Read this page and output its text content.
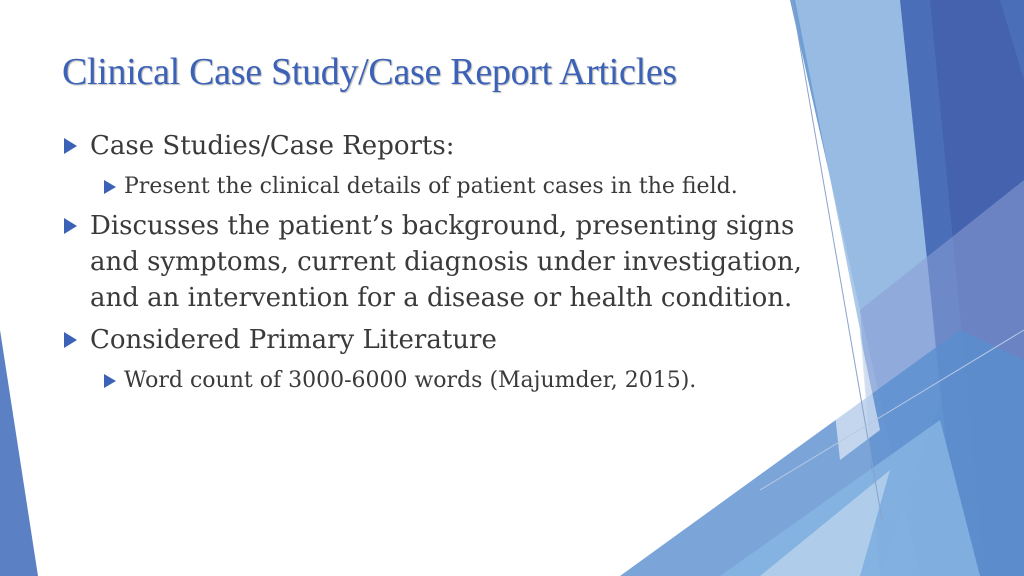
Clinical Case Study/Case Report Articles
Case Studies/Case Reports:
Present the clinical details of patient cases in the field.
Discusses the patient’s background, presenting signs and symptoms, current diagnosis under investigation, and an intervention for a disease or health condition.
Considered Primary Literature
Word count of 3000-6000 words (Majumder, 2015).
